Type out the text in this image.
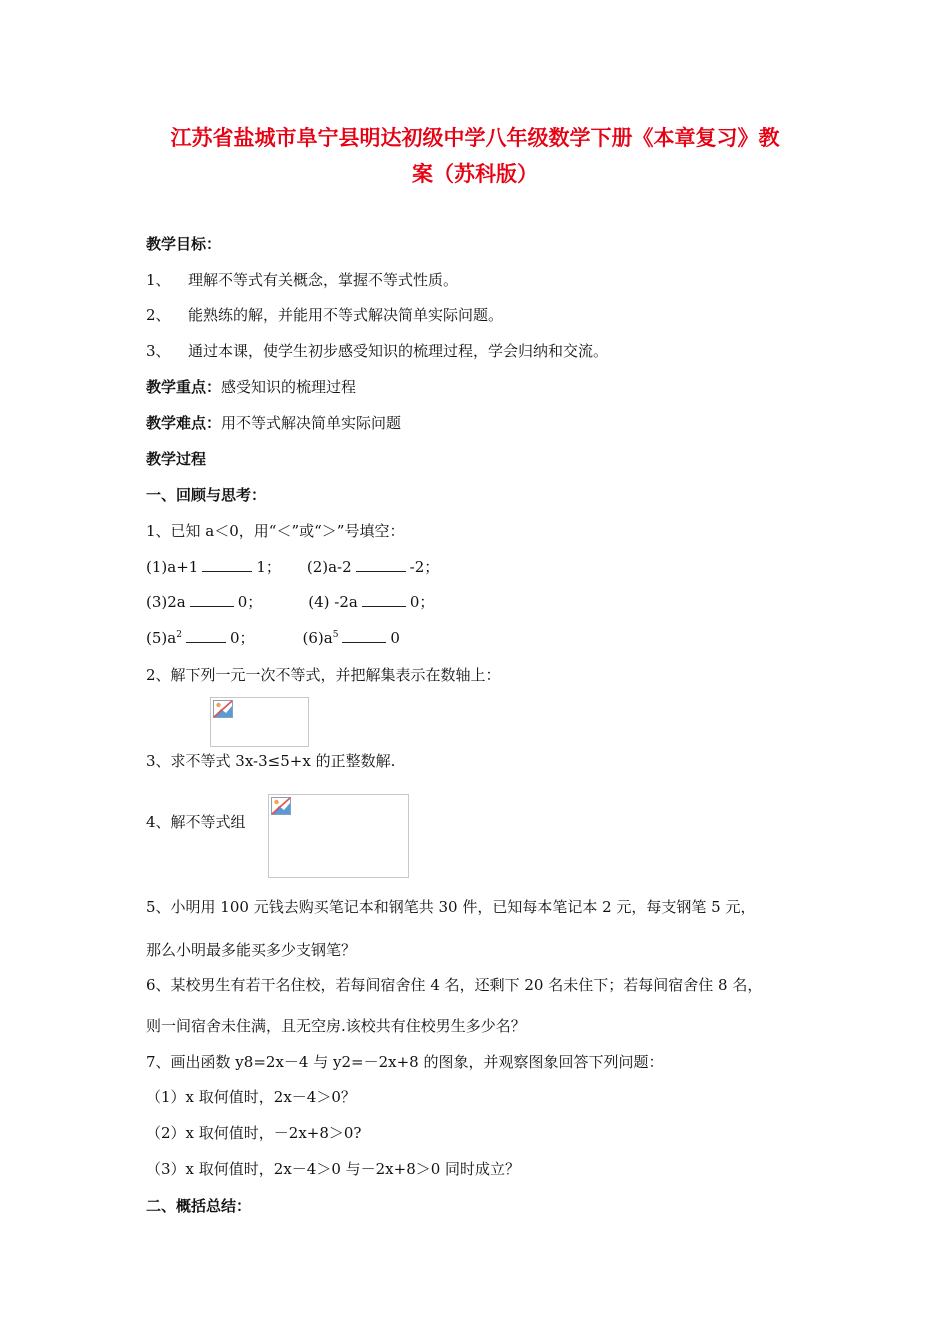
江苏省盐城市阜宁县明达初级中学八年级数学下册《本章复习》教
案（苏科版）
教学目标：
1、 理解不等式有关概念，掌握不等式性质。
2、 能熟练的解，并能用不等式解决简单实际问题。
3、 通过本课，使学生初步感受知识的梳理过程，学会归纳和交流。
教学重点：感受知识的梳理过程
教学难点：用不等式解决简单实际问题
教学过程
一、回顾与思考：
1、已知 a＜0，用“＜”或“＞”号填空：
(1)a+1	1； (2)a-2	-2；
(3)2a	0；	(4) -2a	0；
$(5)a^2$	0；	$(6)a^5$	0
2、解下列一元一次不等式，并把解集表示在数轴上：
3、求不等式 3x-3≤5+x 的正整数解.
4、解不等式组
5、小明用 100 元钱去购买笔记本和钢笔共 30 件，已知每本笔记本 2 元，每支钢笔 5 元，
那么小明最多能买多少支钢笔？
6、某校男生有若干名住校，若每间宿舍住 4 名，还剩下 20 名未住下；若每间宿舍住 8 名，
则一间宿舍未住满，且无空房.该校共有住校男生多少名？
7、画出函数 y8=2x－4 与 y2=－2x+8 的图象，并观察图象回答下列问题：
（1）x 取何值时，2x－4＞0？
（2）x 取何值时，－2x+8＞0?
（3）x 取何值时，2x－4＞0 与－2x+8＞0 同时成立？
二、概括总结：
